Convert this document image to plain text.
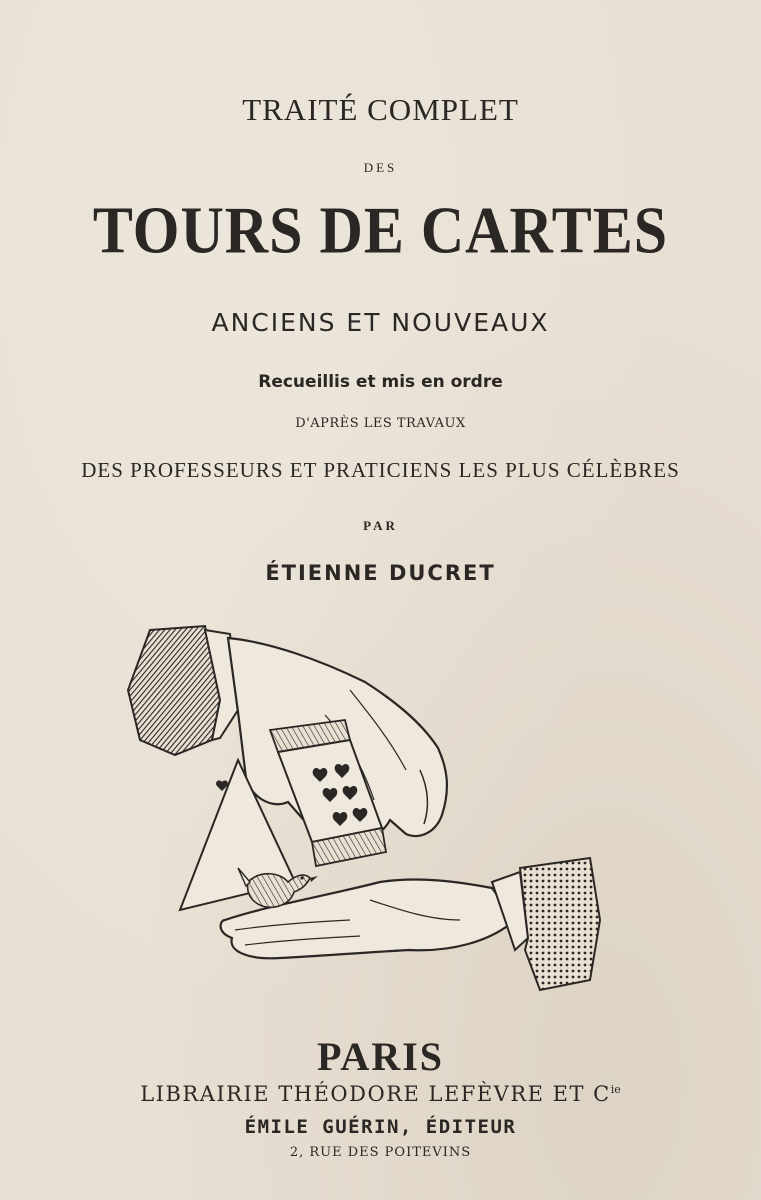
TRAITÉ COMPLET
DES
TOURS DE CARTES
ANCIENS ET NOUVEAUX
Recueillis et mis en ordre
D'APRÈS LES TRAVAUX
DES PROFESSEURS ET PRATICIENS LES PLUS CÉLÈBRES
PAR
ÉTIENNE DUCRET
PARIS
LIBRAIRIE THÉODORE LEFÈVRE ET $C^{ie}$
ÉMILE GUÉRIN, ÉDITEUR
2, RUE DES POITEVINS
